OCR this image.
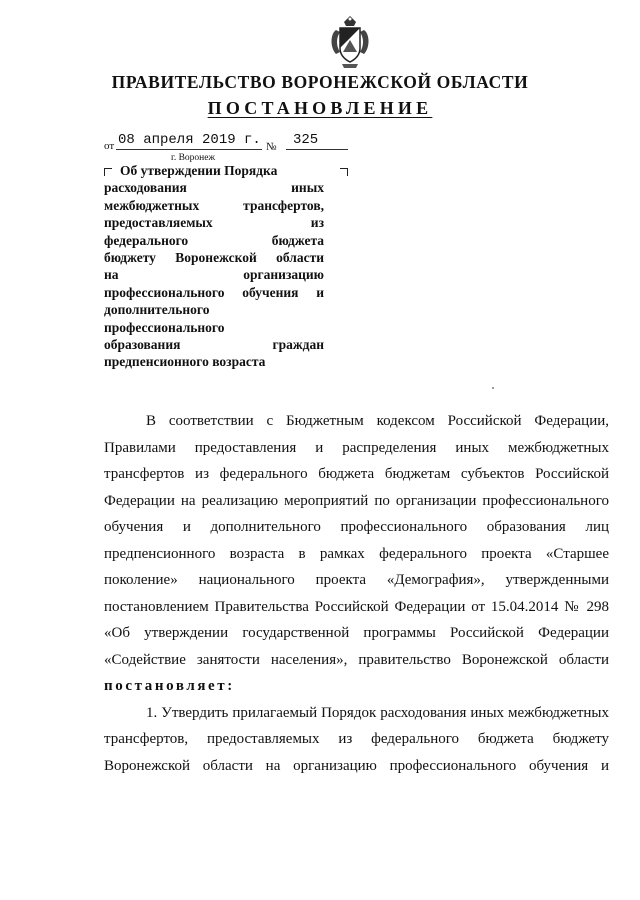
ПРАВИТЕЛЬСТВО ВОРОНЕЖСКОЙ ОБЛАСТИ
ПОСТАНОВЛЕНИЕ
от 08 апреля 2019 г. № 325
г. Воронеж
Об утверждении Порядка
расходования иных
межбюджетных трансфертов,
предоставляемых из
федерального бюджета
бюджету Воронежской области
на организацию
профессионального обучения и
дополнительного
профессионального
образования граждан
предпенсионного возраста
В соответствии с Бюджетным кодексом Российской Федерации,
Правилами предоставления и распределения иных межбюджетных
трансфертов из федерального бюджета бюджетам субъектов Российской
Федерации на реализацию мероприятий по организации профессионального
обучения и дополнительного профессионального образования лиц
предпенсионного возраста в рамках федерального проекта «Старшее
поколение» национального проекта «Демография», утвержденными
постановлением Правительства Российской Федерации от 15.04.2014 № 298
«Об утверждении государственной программы Российской Федерации
«Содействие занятости населения», правительство Воронежской области
постановляет:
1. Утвердить прилагаемый Порядок расходования иных межбюджетных
трансфертов, предоставляемых из федерального бюджета бюджету
Воронежской области на организацию профессионального обучения и
